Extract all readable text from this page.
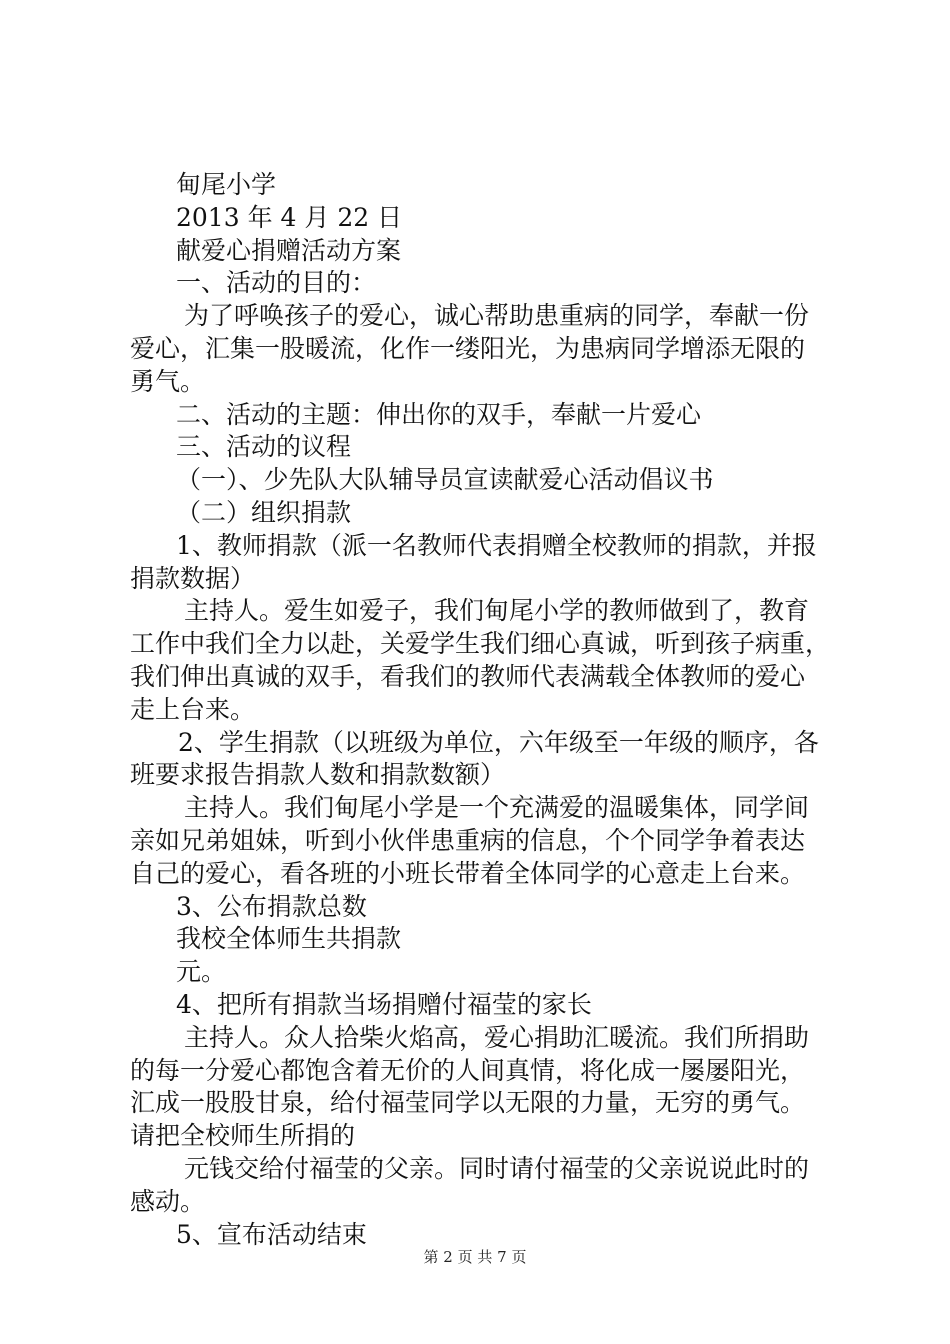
甸尾小学
2013 年 4 月 22 日
献爱心捐赠活动方案
一、活动的目的：
为了呼唤孩子的爱心，诚心帮助患重病的同学，奉献一份
爱心，汇集一股暖流，化作一缕阳光，为患病同学增添无限的
勇气。
二、活动的主题：伸出你的双手，奉献一片爱心
三、活动的议程
（一）、少先队大队辅导员宣读献爱心活动倡议书
（二）组织捐款
1、教师捐款（派一名教师代表捐赠全校教师的捐款，并报
捐款数据）
主持人。爱生如爱子，我们甸尾小学的教师做到了，教育
工作中我们全力以赴，关爱学生我们细心真诚，听到孩子病重，
我们伸出真诚的双手，看我们的教师代表满载全体教师的爱心
走上台来。
2、学生捐款（以班级为单位，六年级至一年级的顺序，各
班要求报告捐款人数和捐款数额）
主持人。我们甸尾小学是一个充满爱的温暖集体，同学间
亲如兄弟姐妹，听到小伙伴患重病的信息，个个同学争着表达
自己的爱心，看各班的小班长带着全体同学的心意走上台来。
3、公布捐款总数
我校全体师生共捐款
元。
4、把所有捐款当场捐赠付福莹的家长
主持人。众人拾柴火焰高，爱心捐助汇暖流。我们所捐助
的每一分爱心都饱含着无价的人间真情，将化成一屡屡阳光，
汇成一股股甘泉，给付福莹同学以无限的力量，无穷的勇气。
请把全校师生所捐的
元钱交给付福莹的父亲。同时请付福莹的父亲说说此时的
感动。
5、宣布活动结束
第 2 页 共 7 页
